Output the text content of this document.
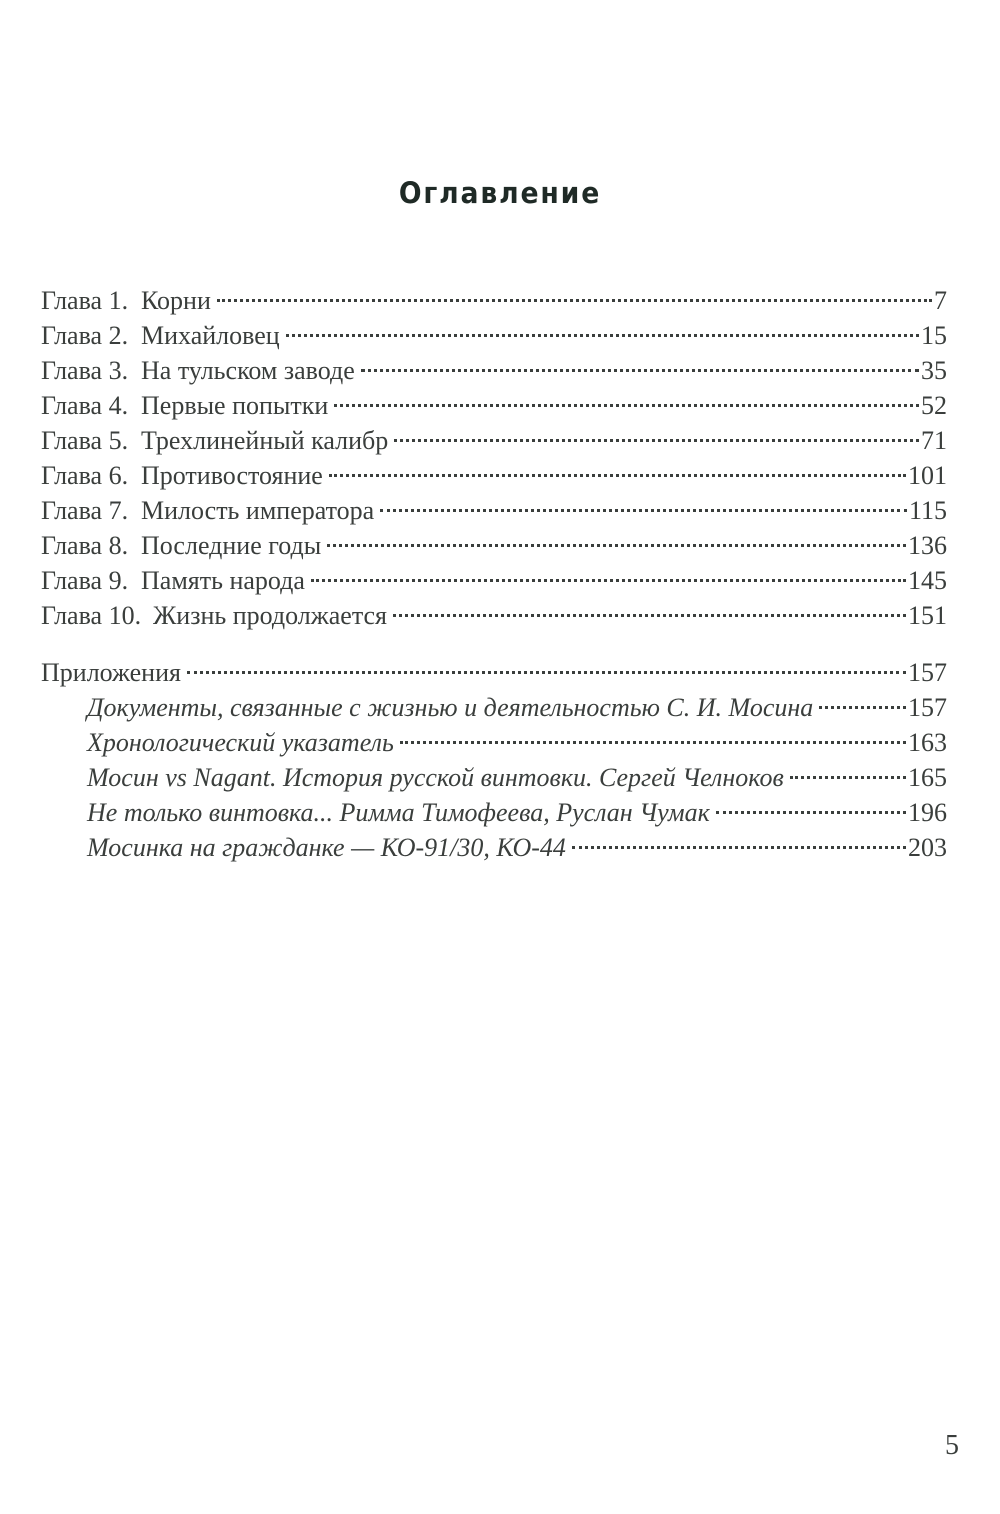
Оглавление
Глава 1. Корни	7
Глава 2. Михайловец	15
Глава 3. На тульском заводе	35
Глава 4. Первые попытки	52
Глава 5. Трехлинейный калибр	71
Глава 6. Противостояние	101
Глава 7. Милость императора	115
Глава 8. Последние годы	136
Глава 9. Память народа	145
Глава 10. Жизнь продолжается	151
Приложения	157
Документы, связанные с жизнью и деятельностью С. И. Мосина	157
Хронологический указатель	163
Мосин vs Nagant. История русской винтовки. Сергей Челноков	165
Не только винтовка... Римма Тимофеева, Руслан Чумак	196
Мосинка на гражданке — КО-91/30, КО-44	203
5
